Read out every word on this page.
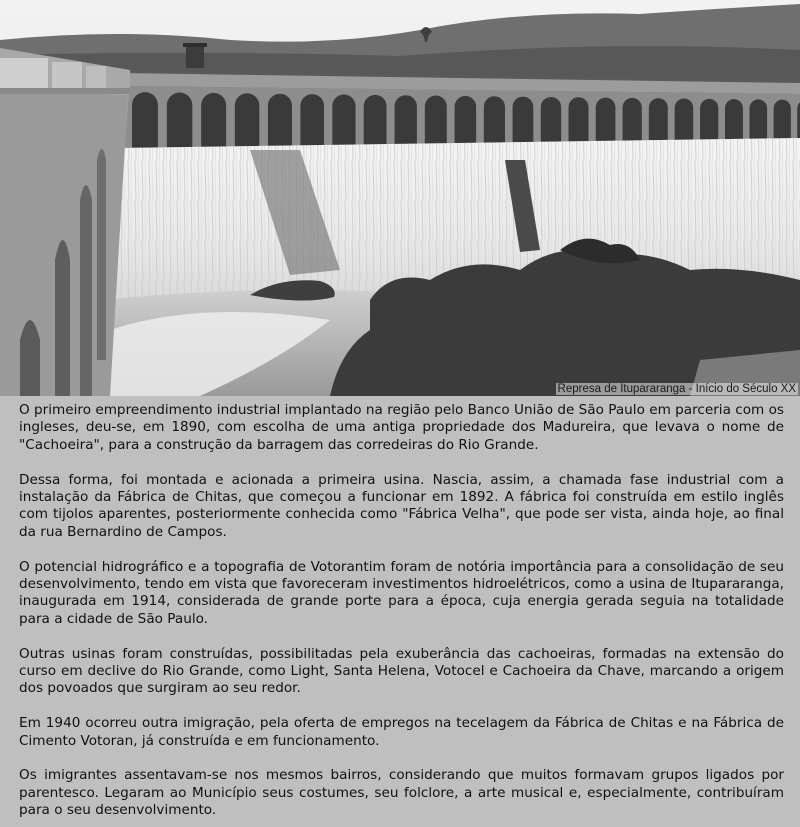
Represa de Itupararanga - Início do Século XX

O primeiro empreendimento industrial implantado na região pelo Banco União de São Paulo em parceria com os ingleses, deu-se, em 1890, com escolha de uma antiga propriedade dos Madureira, que levava o nome de "Cachoeira", para a construção da barragem das corredeiras do Rio Grande.

Dessa forma, foi montada e acionada a primeira usina. Nascia, assim, a chamada fase industrial com a instalação da Fábrica de Chitas, que começou a funcionar em 1892. A fábrica foi construída em estilo inglês com tijolos aparentes, posteriormente conhecida como "Fábrica Velha", que pode ser vista, ainda hoje, ao final da rua Bernardino de Campos.

O potencial hidrográfico e a topografia de Votorantim foram de notória importância para a consolidação de seu desenvolvimento, tendo em vista que favoreceram investimentos hidroelétricos, como a usina de Itupararanga, inaugurada em 1914, considerada de grande porte para a época, cuja energia gerada seguia na totalidade para a cidade de São Paulo.

Outras usinas foram construídas, possibilitadas pela exuberância das cachoeiras, formadas na extensão do curso em declive do Rio Grande, como Light, Santa Helena, Votocel e Cachoeira da Chave, marcando a origem dos povoados que surgiram ao seu redor.

Em 1940 ocorreu outra imigração, pela oferta de empregos na tecelagem da Fábrica de Chitas e na Fábrica de Cimento Votoran, já construída e em funcionamento.

Os imigrantes assentavam-se nos mesmos bairros, considerando que muitos formavam grupos ligados por parentesco. Legaram ao Município seus costumes, seu folclore, a arte musical e, especialmente, contribuíram para o seu desenvolvimento.
